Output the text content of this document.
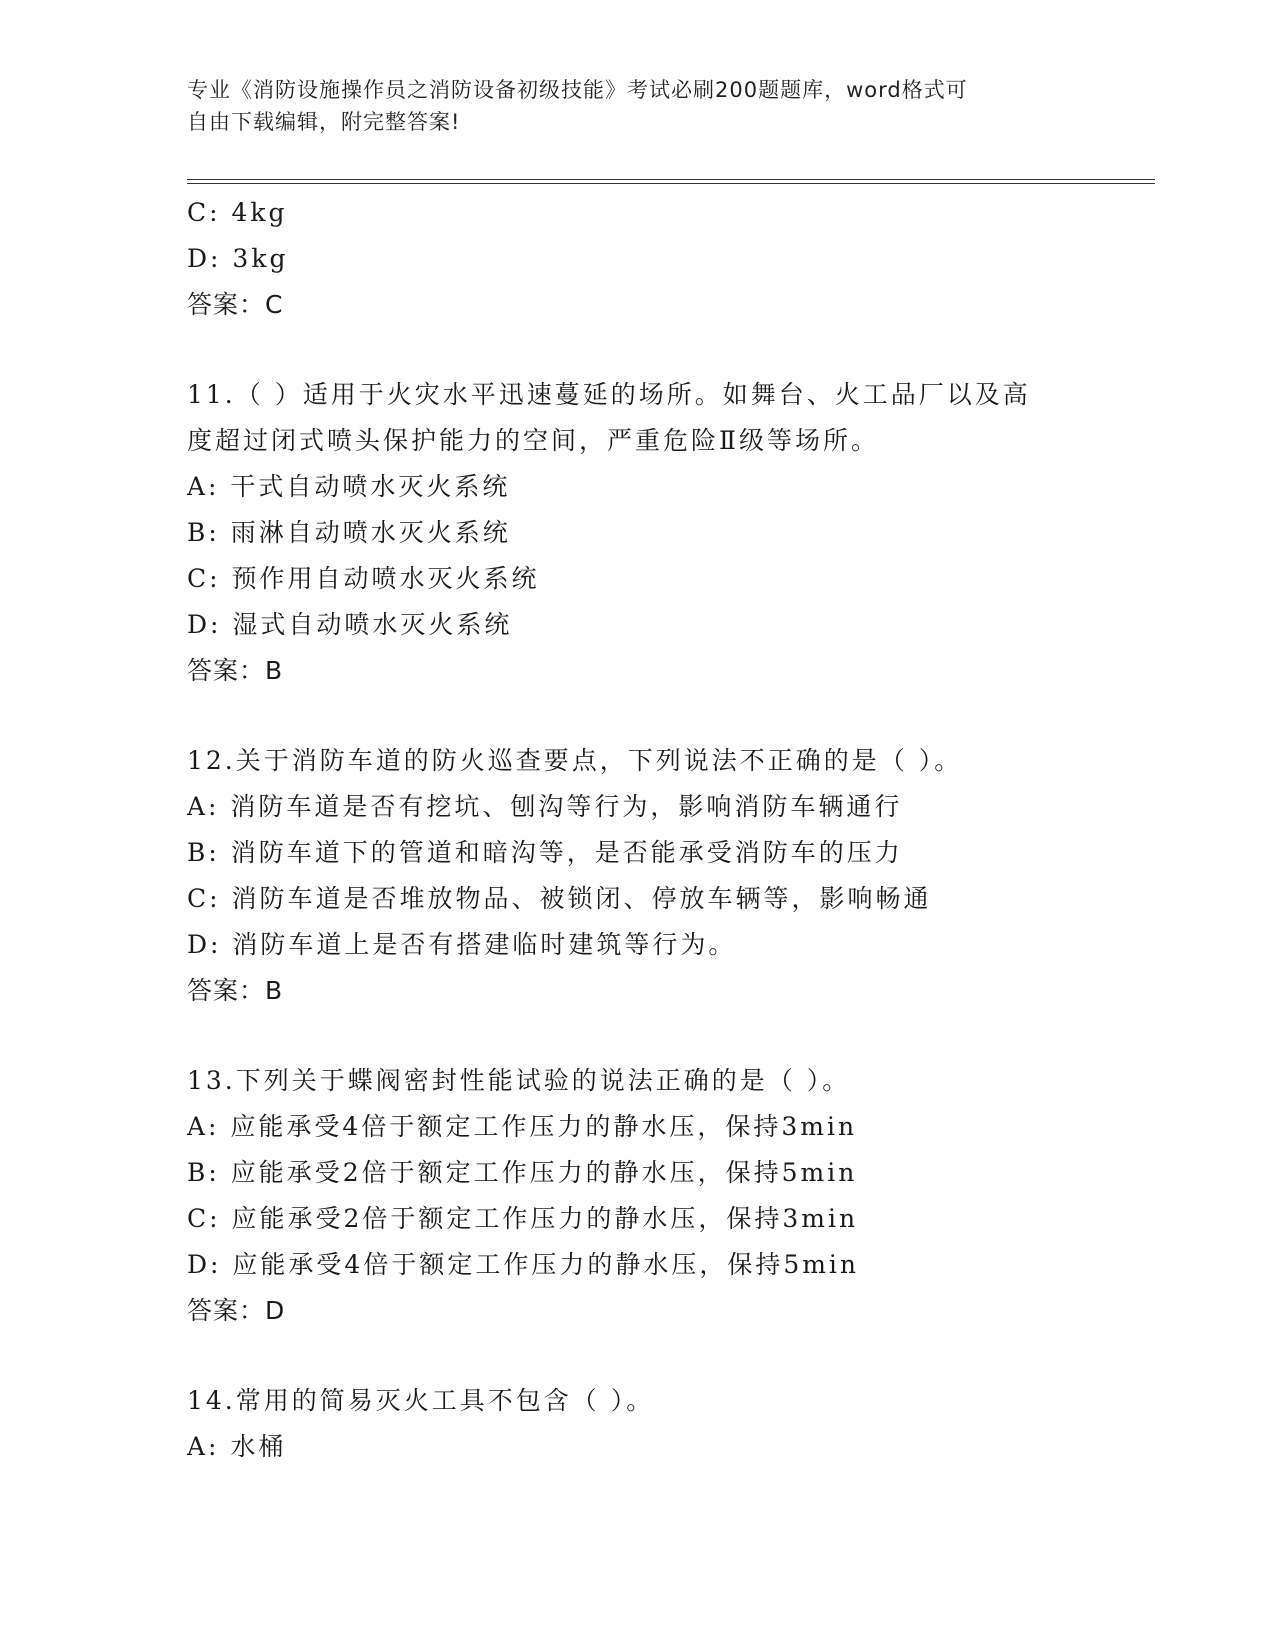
专业《消防设施操作员之消防设备初级技能》考试必刷200题题库，word格式可
自由下载编辑，附完整答案!
C: 4kg
D: 3kg
答案：C
11.（ ）适用于火灾水平迅速蔓延的场所。如舞台、火工品厂以及高
度超过闭式喷头保护能力的空间，严重危险Ⅱ级等场所。
A: 干式自动喷水灭火系统
B: 雨淋自动喷水灭火系统
C: 预作用自动喷水灭火系统
D: 湿式自动喷水灭火系统
答案：B
12.关于消防车道的防火巡查要点，下列说法不正确的是（ ）。
A: 消防车道是否有挖坑、刨沟等行为，影响消防车辆通行
B: 消防车道下的管道和暗沟等，是否能承受消防车的压力
C: 消防车道是否堆放物品、被锁闭、停放车辆等，影响畅通
D: 消防车道上是否有搭建临时建筑等行为。
答案：B
13.下列关于蝶阀密封性能试验的说法正确的是（ ）。
A: 应能承受4倍于额定工作压力的静水压，保持3min
B: 应能承受2倍于额定工作压力的静水压，保持5min
C: 应能承受2倍于额定工作压力的静水压，保持3min
D: 应能承受4倍于额定工作压力的静水压，保持5min
答案：D
14.常用的简易灭火工具不包含（ ）。
A: 水桶
